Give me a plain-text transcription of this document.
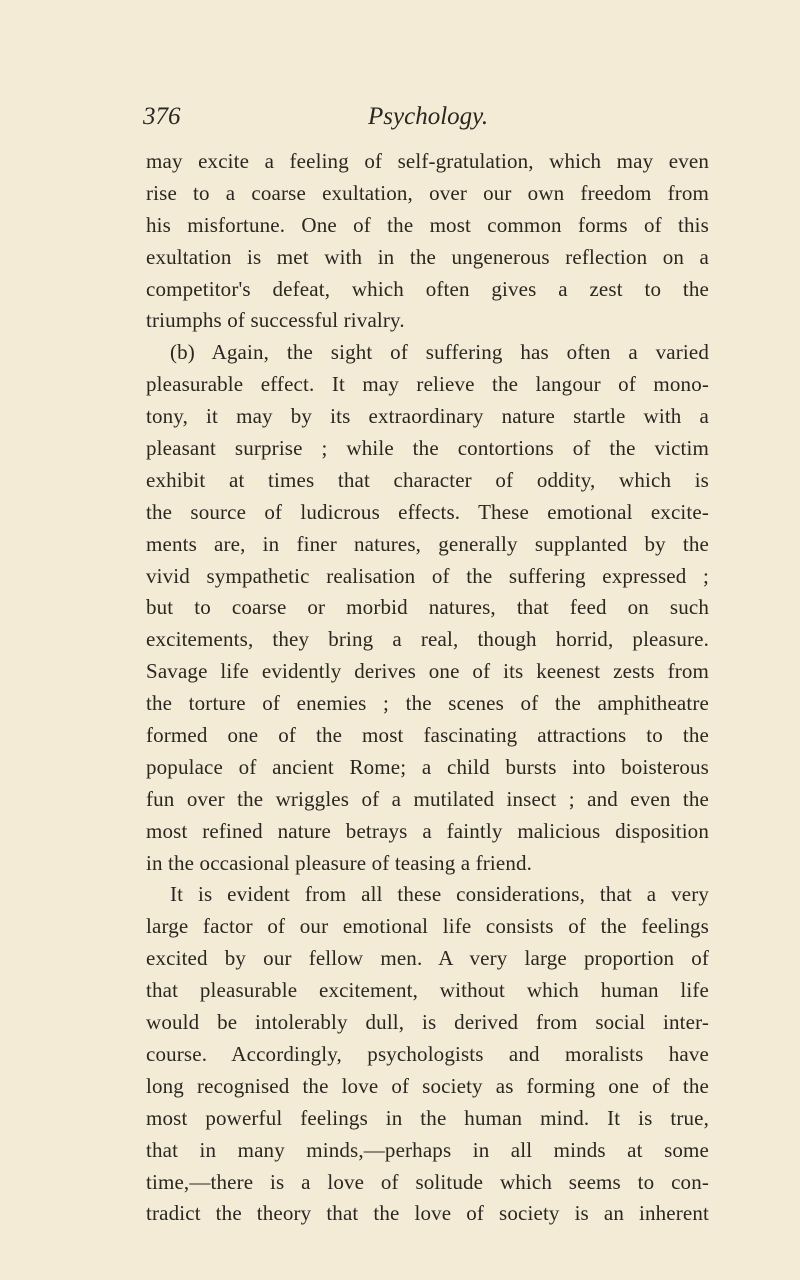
376	Psychology.
may excite a feeling of self-gratulation, which may even
rise to a coarse exultation, over our own freedom from
his misfortune. One of the most common forms of this
exultation is met with in the ungenerous reflection on a
competitor's defeat, which often gives a zest to the
triumphs of successful rivalry.
(b) Again, the sight of suffering has often a varied
pleasurable effect. It may relieve the langour of mono-
tony, it may by its extraordinary nature startle with a
pleasant surprise ; while the contortions of the victim
exhibit at times that character of oddity, which is
the source of ludicrous effects. These emotional excite-
ments are, in finer natures, generally supplanted by the
vivid sympathetic realisation of the suffering expressed ;
but to coarse or morbid natures, that feed on such
excitements, they bring a real, though horrid, pleasure.
Savage life evidently derives one of its keenest zests from
the torture of enemies ; the scenes of the amphitheatre
formed one of the most fascinating attractions to the
populace of ancient Rome; a child bursts into boisterous
fun over the wriggles of a mutilated insect ; and even the
most refined nature betrays a faintly malicious disposition
in the occasional pleasure of teasing a friend.
It is evident from all these considerations, that a very
large factor of our emotional life consists of the feelings
excited by our fellow men. A very large proportion of
that pleasurable excitement, without which human life
would be intolerably dull, is derived from social inter-
course. Accordingly, psychologists and moralists have
long recognised the love of society as forming one of the
most powerful feelings in the human mind. It is true,
that in many minds,—perhaps in all minds at some
time,—there is a love of solitude which seems to con-
tradict the theory that the love of society is an inherent
